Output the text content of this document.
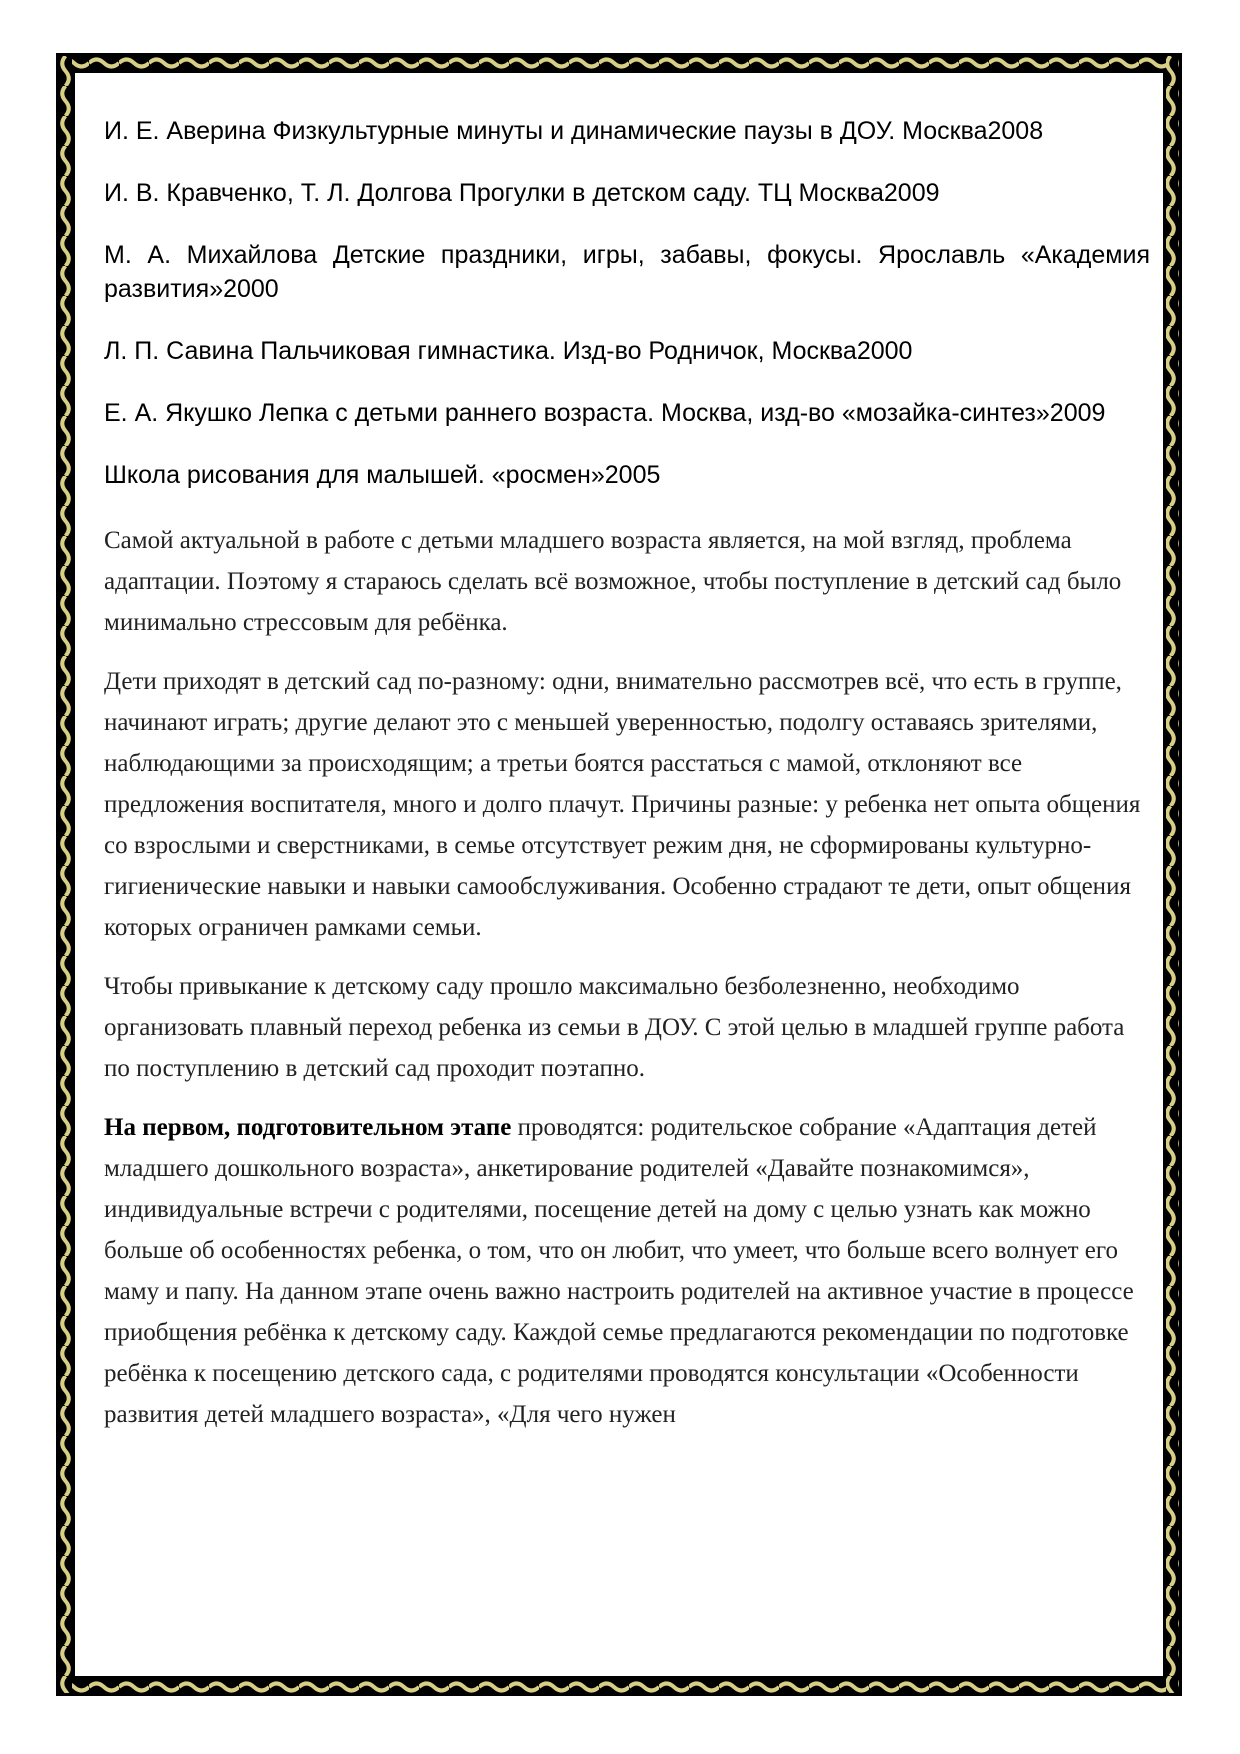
И. Е. Аверина Физкультурные минуты и динамические паузы в ДОУ. Москва2008

И. В. Кравченко, Т. Л. Долгова Прогулки в детском саду. ТЦ Москва2009

М. А. Михайлова Детские праздники, игры, забавы, фокусы. Ярославль «Академия развития»2000

Л. П. Савина Пальчиковая гимнастика. Изд-во Родничок, Москва2000

Е. А. Якушко Лепка с детьми раннего возраста. Москва, изд-во «мозайка-синтез»2009

Школа рисования для малышей. «росмен»2005

Самой актуальной в работе с детьми младшего возраста является, на мой взгляд, проблема адаптации. Поэтому я стараюсь сделать всё возможное, чтобы поступление в детский сад было минимально стрессовым для ребёнка.

Дети приходят в детский сад по-разному: одни, внимательно рассмотрев всё, что есть в группе, начинают играть; другие делают это с меньшей уверенностью, подолгу оставаясь зрителями, наблюдающими за происходящим; а третьи боятся расстаться с мамой, отклоняют все предложения воспитателя, много и долго плачут. Причины разные: у ребенка нет опыта общения со взрослыми и сверстниками, в семье отсутствует режим дня, не сформированы культурно-гигиенические навыки и навыки самообслуживания. Особенно страдают те дети, опыт общения которых ограничен рамками семьи.

Чтобы привыкание к детскому саду прошло максимально безболезненно, необходимо организовать плавный переход ребенка из семьи в ДОУ. С этой целью в младшей группе работа по поступлению в детский сад проходит поэтапно.

На первом, подготовительном этапе проводятся: родительское собрание «Адаптация детей младшего дошкольного возраста», анкетирование родителей «Давайте познакомимся», индивидуальные встречи с родителями, посещение детей на дому с целью узнать как можно больше об особенностях ребенка, о том, что он любит, что умеет, что больше всего волнует его маму и папу. На данном этапе очень важно настроить родителей на активное участие в процессе приобщения ребёнка к детскому саду. Каждой семье предлагаются рекомендации по подготовке ребёнка к посещению детского сада, с родителями проводятся консультации «Особенности развития детей младшего возраста», «Для чего нужен
